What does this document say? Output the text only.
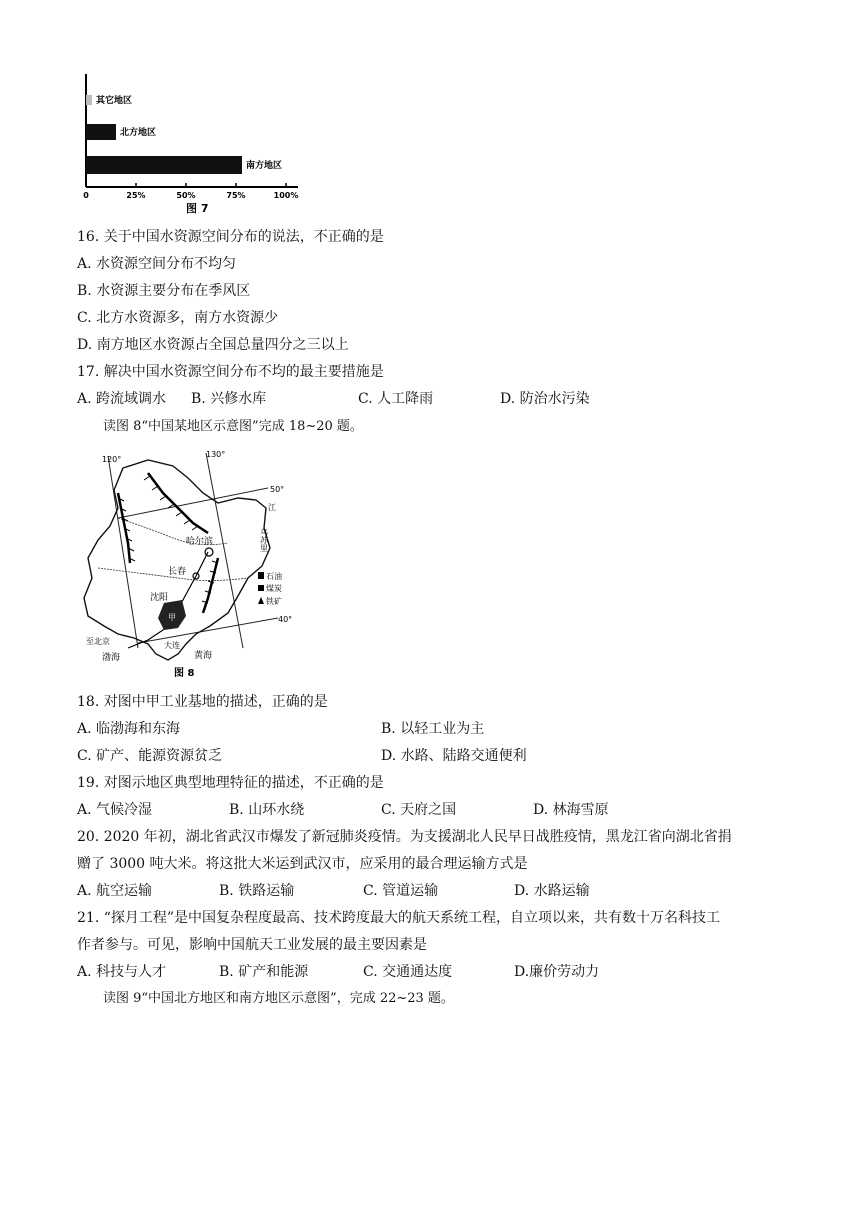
0	25%	50%	75%	100%
其它地区
北方地区
南方地区
图 7
16. 关于中国水资源空间分布的说法，不正确的是
A. 水资源空间分布不均匀
B. 水资源主要分布在季风区
C. 北方水资源多，南方水资源少
D. 南方地区水资源占全国总量四分之三以上
17. 解决中国水资源空间分布不均的最主要措施是
A. 跨流域调水 B. 兴修水库	C. 人工降雨	D. 防治水污染
读图 8“中国某地区示意图”完成 18~20 题。
120°
130°
50°
40°
哈尔滨
长春
甲
沈阳
大连
至北京
渤海	黄海
江
乌苏里
石油
煤炭
铁矿
图 8
18. 对图中甲工业基地的描述，正确的是
A. 临渤海和东海	B. 以轻工业为主
C. 矿产、能源资源贫乏	D. 水路、陆路交通便利
19. 对图示地区典型地理特征的描述，不正确的是
A. 气候冷湿	B. 山环水绕	C. 天府之国	D. 林海雪原
20. 2020 年初，湖北省武汉市爆发了新冠肺炎疫情。为支援湖北人民早日战胜疫情，黑龙江省向湖北省捐
赠了 3000 吨大米。将这批大米运到武汉市，应采用的最合理运输方式是
A. 航空运输	B. 铁路运输	C. 管道运输	D. 水路运输
21. “探月工程”是中国复杂程度最高、技术跨度最大的航天系统工程，自立项以来，共有数十万名科技工
作者参与。可见，影响中国航天工业发展的最主要因素是
A. 科技与人才	B. 矿产和能源	C. 交通通达度	D.廉价劳动力
读图 9“中国北方地区和南方地区示意图”，完成 22~23 题。
